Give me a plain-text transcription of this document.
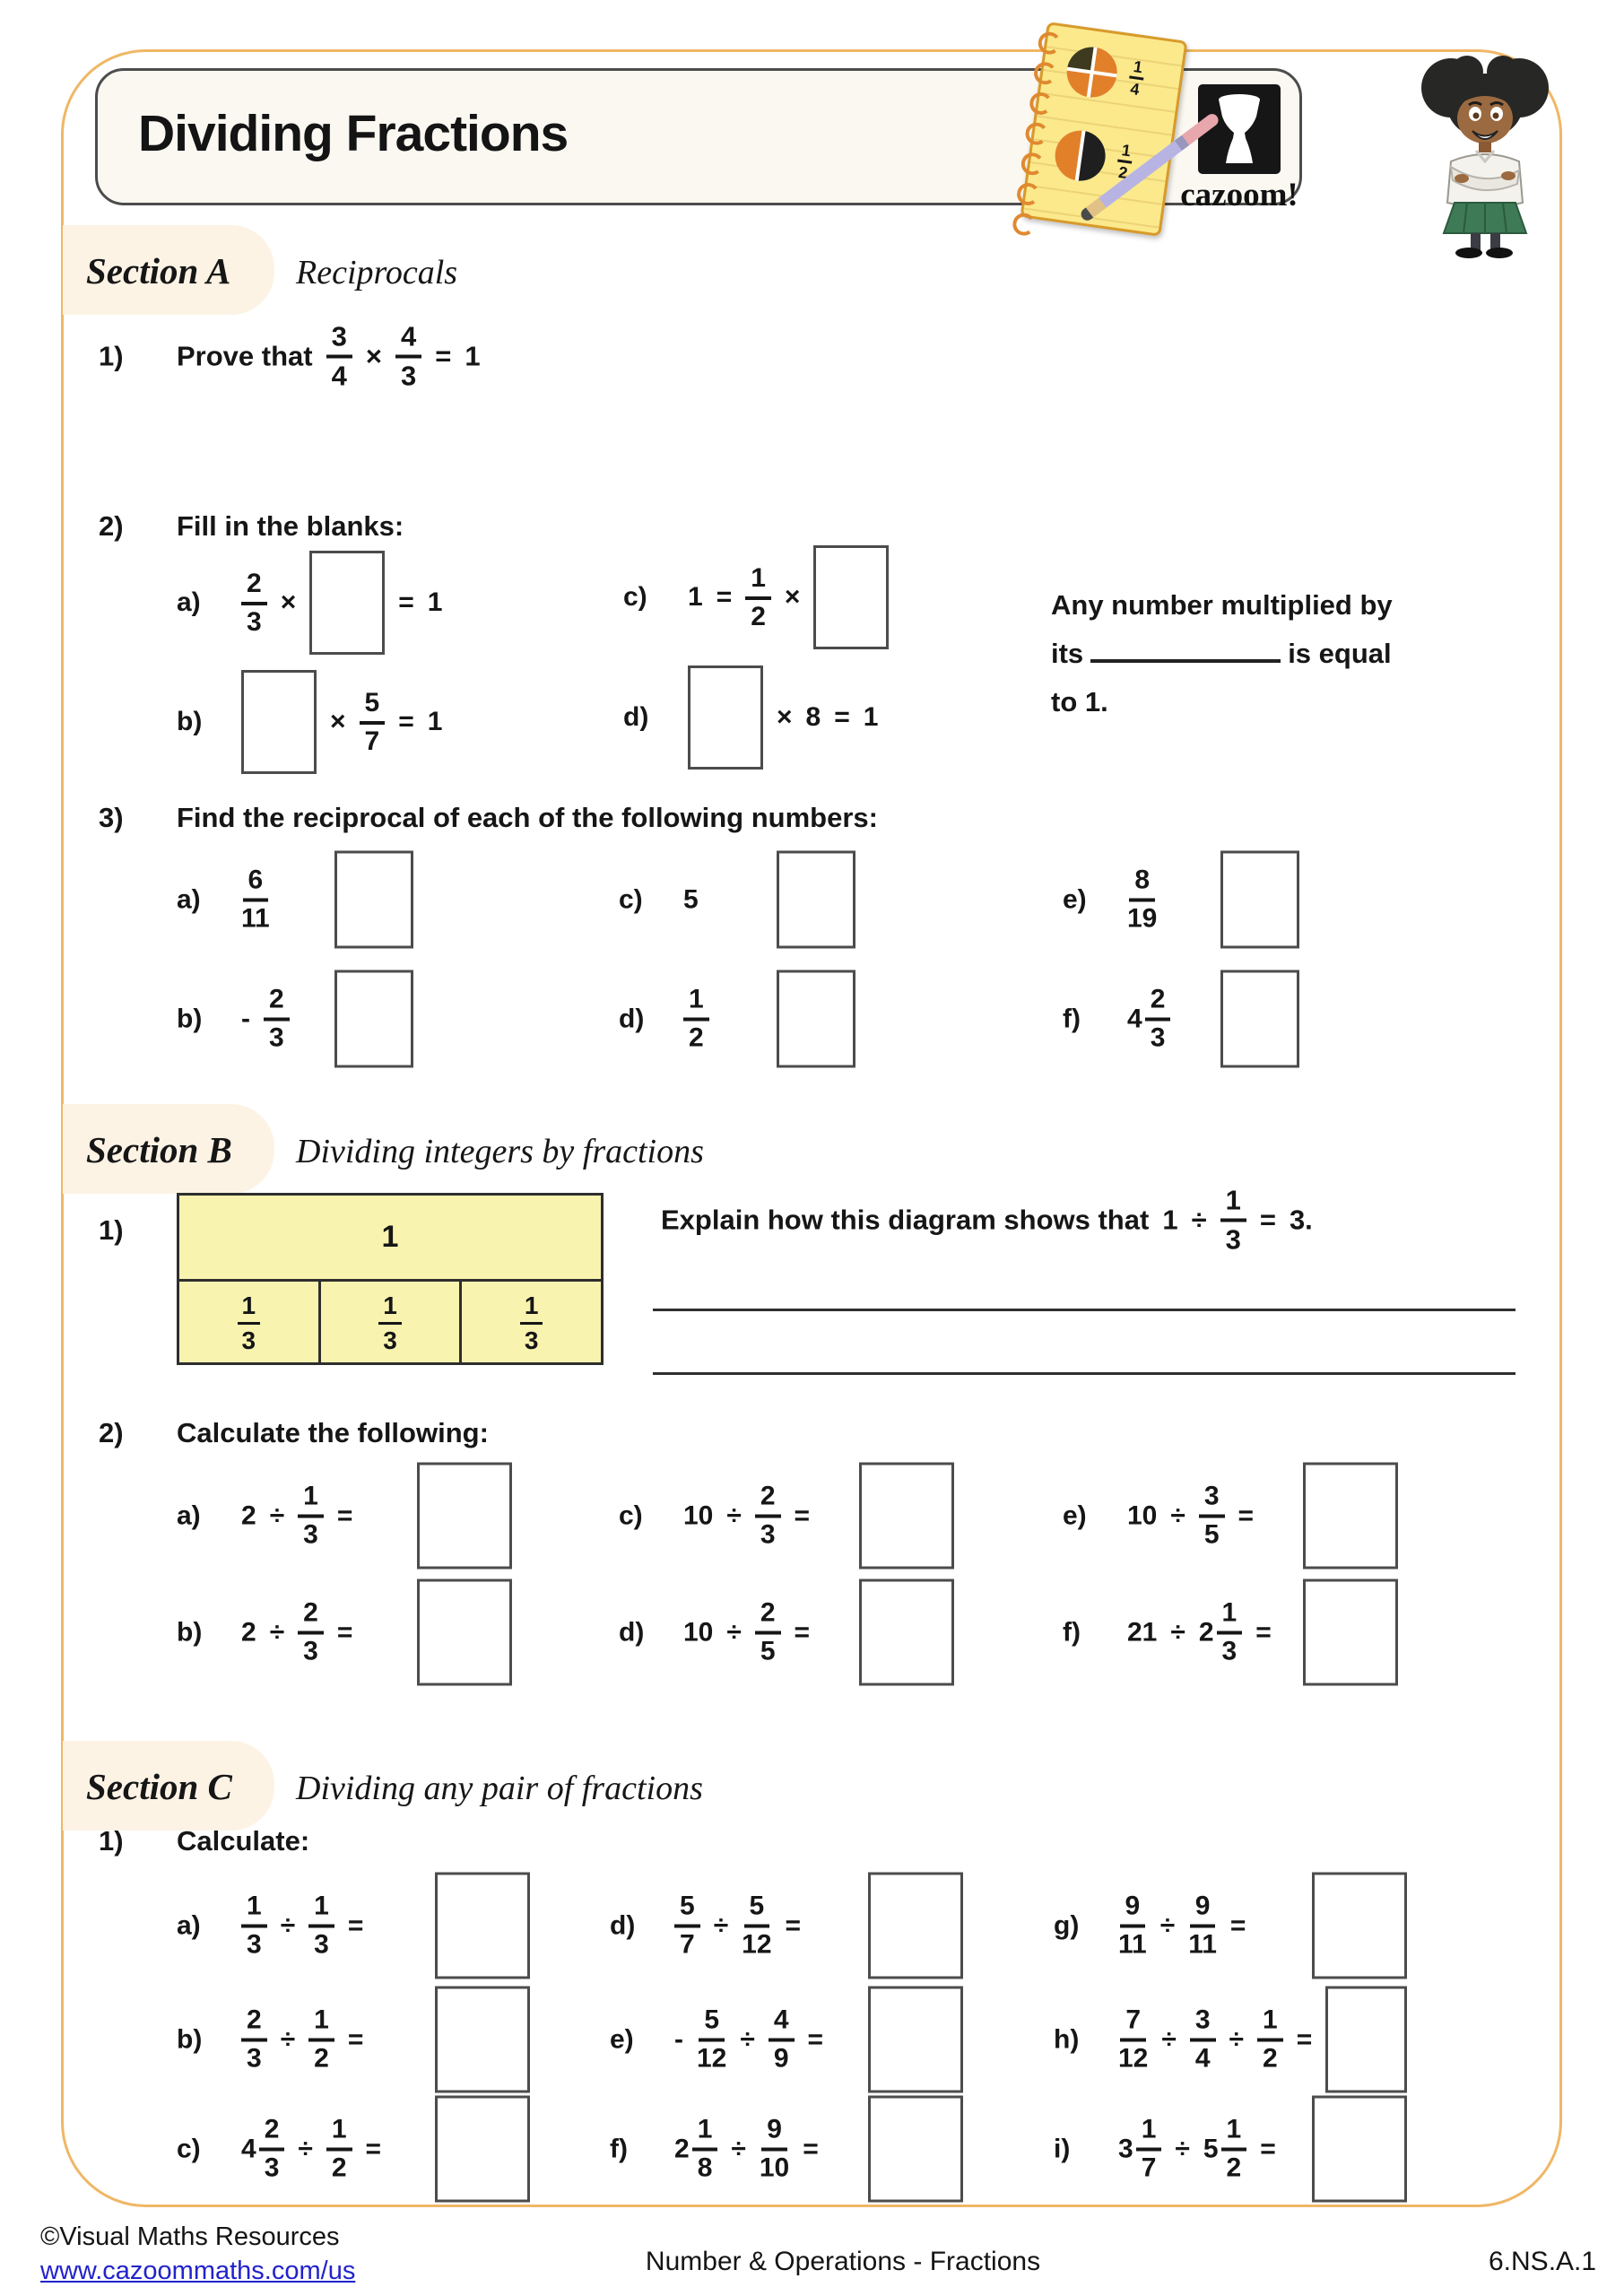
Dividing Fractions
$\frac{1}{4}$
$\frac{1}{2}$
cazoom!
Section A Reciprocals
1)	Prove that $\frac{3}{4} \times \frac{4}{3} = 1$
2)	Fill in the blanks:
a)	$\frac{2}{3}$ ×	= 1
b)	× $\frac{5}{7} = 1$
c)	$1 = \frac{1}{2}$ ×
d)	× 8 = 1
Any number multiplied by
its	is equal
to 1.
3)	Find the reciprocal of each of the following numbers:
a)	$\frac{6}{11}$
b)	- $\frac{2}{3}$
c)	5
d)	$\frac{1}{2}$
e)	$\frac{8}{19}$
f)	$4 \frac{2}{3}$
Section B Dividing integers by fractions
1)	1
$\frac{1}{3}$	$\frac{1}{3}$	$\frac{1}{3}$
Explain how this diagram shows that $1 \div \frac{1}{3} = 3$.
2)	Calculate the following:
a)	$2 \div \frac{1}{3}$ =
b)	$2 \div \frac{2}{3}$ =
c)	$10 \div \frac{2}{3}$ =
d)	$10 \div \frac{2}{5}$ =
e)	$10 \div \frac{3}{5}$ =
f)	$21 \div 2 \frac{1}{3}$ =
Section C Dividing any pair of fractions
1)	Calculate:
a)	$\frac{1}{3} \div \frac{1}{3}$ =
b)	$\frac{2}{3} \div \frac{1}{2}$ =
c)	$4 \frac{2}{3} \div \frac{1}{2}$ =
d)	$\frac{5}{7} \div \frac{5}{12}$ =
e)	- $\frac{5}{12} \div \frac{4}{9}$ =
f)	$2 \frac{1}{8} \div \frac{9}{10}$ =
g)	$\frac{9}{11} \div \frac{9}{11}$ =
h)	$\frac{7}{12} \div \frac{3}{4} \div \frac{1}{2}$ =
i)	$3 \frac{1}{7} \div 5 \frac{1}{2}$ =
©Visual Maths Resources
www.cazoommaths.com/us	Number & Operations - Fractions	6.NS.A.1
